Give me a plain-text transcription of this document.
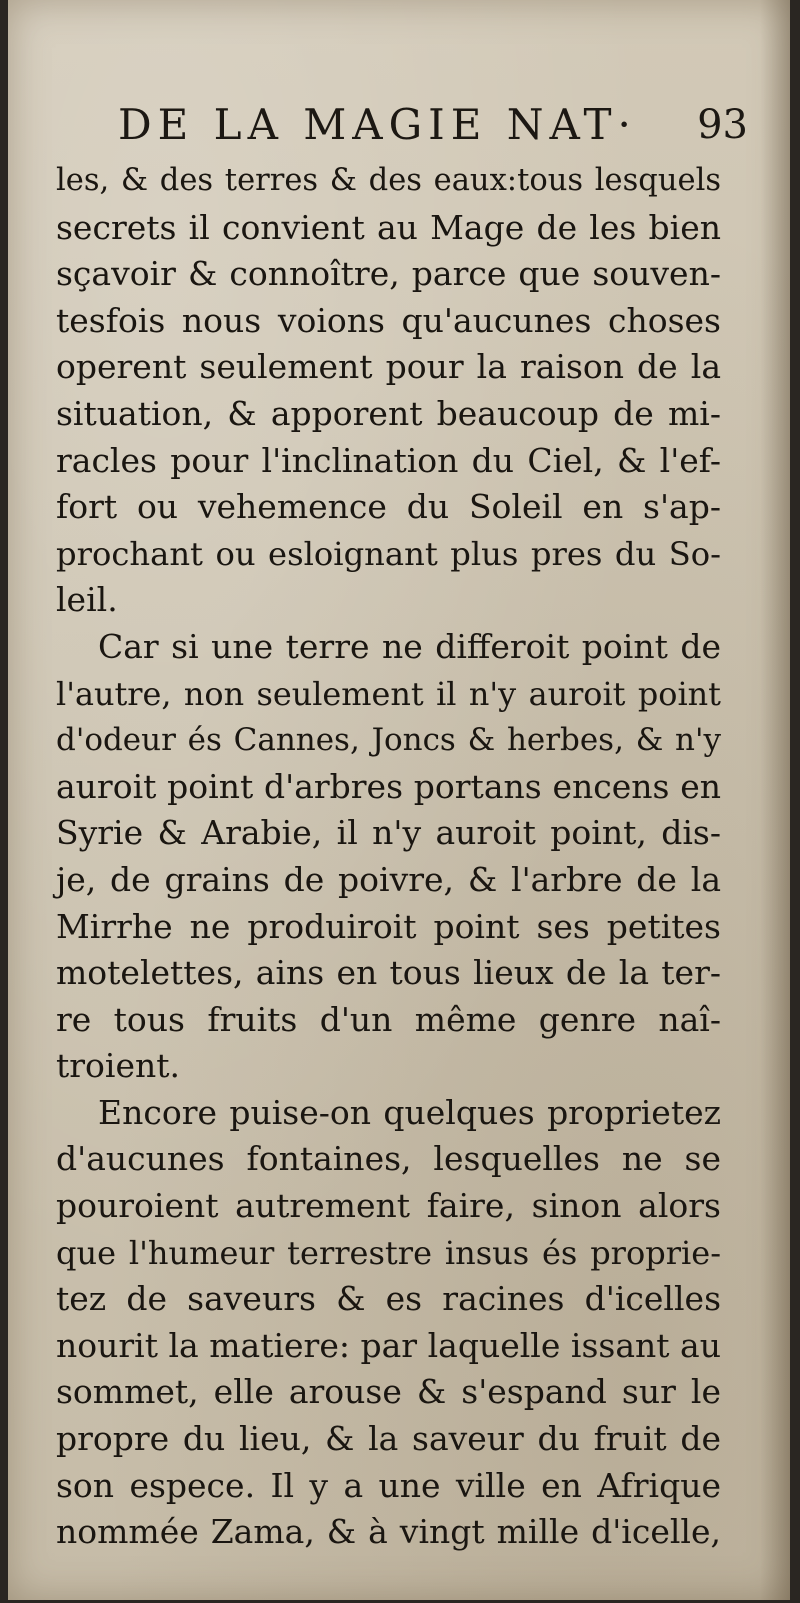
DE LA MAGIE NAT· 93
les, & des terres & des eaux:tous lesquels
secrets il convient au Mage de les bien
sçavoir & connoître, parce que souven-
tesfois nous voions qu'aucunes choses
operent seulement pour la raison de la
situation, & apporent beaucoup de mi-
racles pour l'inclination du Ciel, & l'ef-
fort ou vehemence du Soleil en s'ap-
prochant ou esloignant plus pres du So-
leil.
Car si une terre ne differoit point de
l'autre, non seulement il n'y auroit point
d'odeur és Cannes, Joncs & herbes, & n'y
auroit point d'arbres portans encens en
Syrie & Arabie, il n'y auroit point, dis-
je, de grains de poivre, & l'arbre de la
Mirrhe ne produiroit point ses petites
motelettes, ains en tous lieux de la ter-
re tous fruits d'un même genre naî-
troient.
Encore puise-on quelques proprietez
d'aucunes fontaines, lesquelles ne se
pouroient autrement faire, sinon alors
que l'humeur terrestre insus és proprie-
tez de saveurs & es racines d'icelles
nourit la matiere: par laquelle issant au
sommet, elle arouse & s'espand sur le
propre du lieu, & la saveur du fruit de
son espece. Il y a une ville en Afrique
nommée Zama, & à vingt mille d'icelle,
